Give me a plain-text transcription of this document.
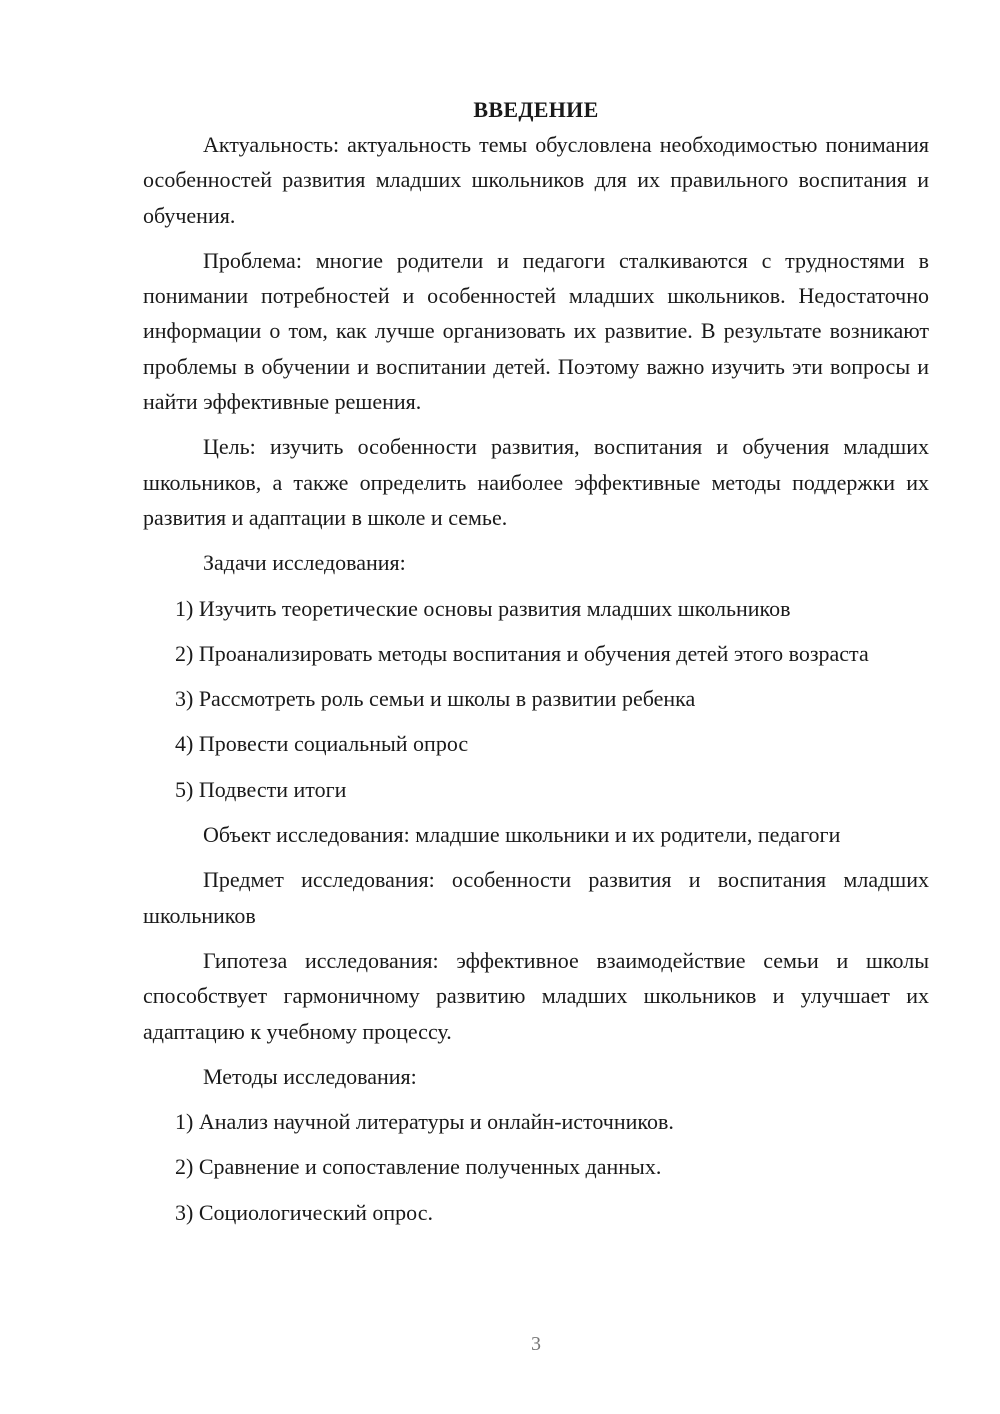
ВВЕДЕНИЕ

Актуальность: актуальность темы обусловлена необходимостью понимания особенностей развития младших школьников для их правильного воспитания и обучения.

Проблема: многие родители и педагоги сталкиваются с трудностями в понимании потребностей и особенностей младших школьников. Недостаточно информации о том, как лучше организовать их развитие. В результате возникают проблемы в обучении и воспитании детей. Поэтому важно изучить эти вопросы и найти эффективные решения.

Цель: изучить особенности развития, воспитания и обучения младших школьников, а также определить наиболее эффективные методы поддержки их развития и адаптации в школе и семье.

Задачи исследования:

1) Изучить теоретические основы развития младших школьников

2) Проанализировать методы воспитания и обучения детей этого возраста

3) Рассмотреть роль семьи и школы в развитии ребенка

4) Провести социальный опрос

5) Подвести итоги

Объект исследования: младшие школьники и их родители, педагоги

Предмет исследования: особенности развития и воспитания младших школьников

Гипотеза исследования: эффективное взаимодействие семьи и школы способствует гармоничному развитию младших школьников и улучшает их адаптацию к учебному процессу.

Методы исследования:

1) Анализ научной литературы и онлайн-источников.

2) Сравнение и сопоставление полученных данных.

3) Социологический опрос.

3
